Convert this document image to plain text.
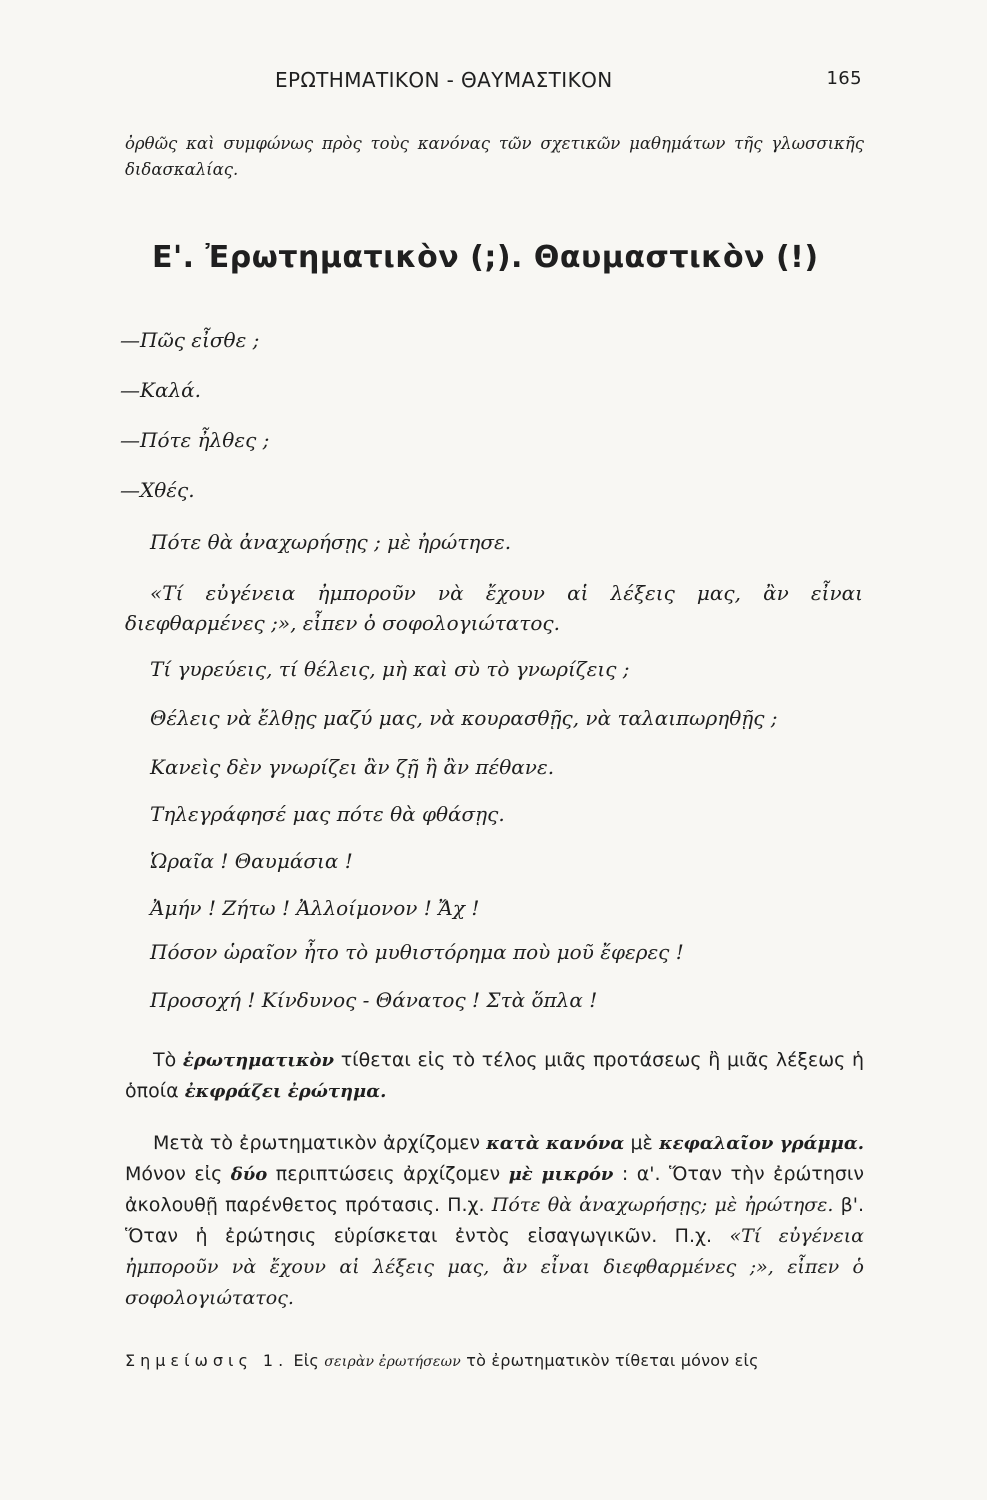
ΕΡΩΤΗΜΑΤΙΚΟΝ - ΘΑΥΜΑΣΤΙΚΟΝ	165
ὀρθῶς καὶ συμφώνως πρὸς τοὺς κανόνας τῶν σχετικῶν μαθημάτων τῆς γλωσσικῆς διδασκαλίας.
Ε'. Ἐρωτηματικὸν (;). Θαυμαστικὸν (!)
—Πῶς εἶσθε ;
—Καλά.
—Πότε ἦλθες ;
—Χθές.
Πότε θὰ ἀναχωρήσῃς ; μὲ ἠρώτησε.
«Τί εὐγένεια ἠμποροῦν νὰ ἔχουν αἱ λέξεις μας, ἂν εἶναι διεφθαρμένες ;», εἶπεν ὁ σοφολογιώτατος.
Τί γυρεύεις, τί θέλεις, μὴ καὶ σὺ τὸ γνωρίζεις ;
Θέλεις νὰ ἔλθῃς μαζύ μας, νὰ κουρασθῇς, νὰ ταλαιπωρηθῇς ;
Κανεὶς δὲν γνωρίζει ἂν ζῇ ἢ ἂν πέθανε.
Τηλεγράφησέ μας πότε θὰ φθάσῃς.
Ὡραῖα ! Θαυμάσια !
Ἀμήν ! Ζήτω ! Ἀλλοίμονον ! Ἄχ !
Πόσον ὡραῖον ἦτο τὸ μυθιστόρημα ποὺ μοῦ ἔφερες !
Προσοχή ! Κίνδυνος - Θάνατος ! Στὰ ὅπλα !

Τὸ ἐρωτηματικὸν τίθεται εἰς τὸ τέλος μιᾶς προτάσεως ἢ μιᾶς λέξεως ἡ ὁποία ἐκφράζει ἐρώτημα.

Μετὰ τὸ ἐρωτηματικὸν ἀρχίζομεν κατὰ κανόνα μὲ κεφαλαῖον γράμμα. Μόνον εἰς δύο περιπτώσεις ἀρχίζομεν μὲ μικρόν : α'. Ὅταν τὴν ἐρώτησιν ἀκολουθῇ παρένθετος πρότασις. Π.χ. Πότε θὰ ἀναχωρήσῃς; μὲ ἠρώτησε. β'. Ὅταν ἡ ἐρώτησις εὑρίσκεται ἐντὸς εἰσαγωγικῶν. Π.χ. «Τί εὐγένεια ἠμποροῦν νὰ ἔχουν αἱ λέξεις μας, ἂν εἶναι διεφθαρμένες ;», εἶπεν ὁ σοφολογιώτατος.

Σημείωσις 1. Εἰς σειρὰν ἐρωτήσεων τὸ ἐρωτηματικὸν τίθεται μόνον εἰς
